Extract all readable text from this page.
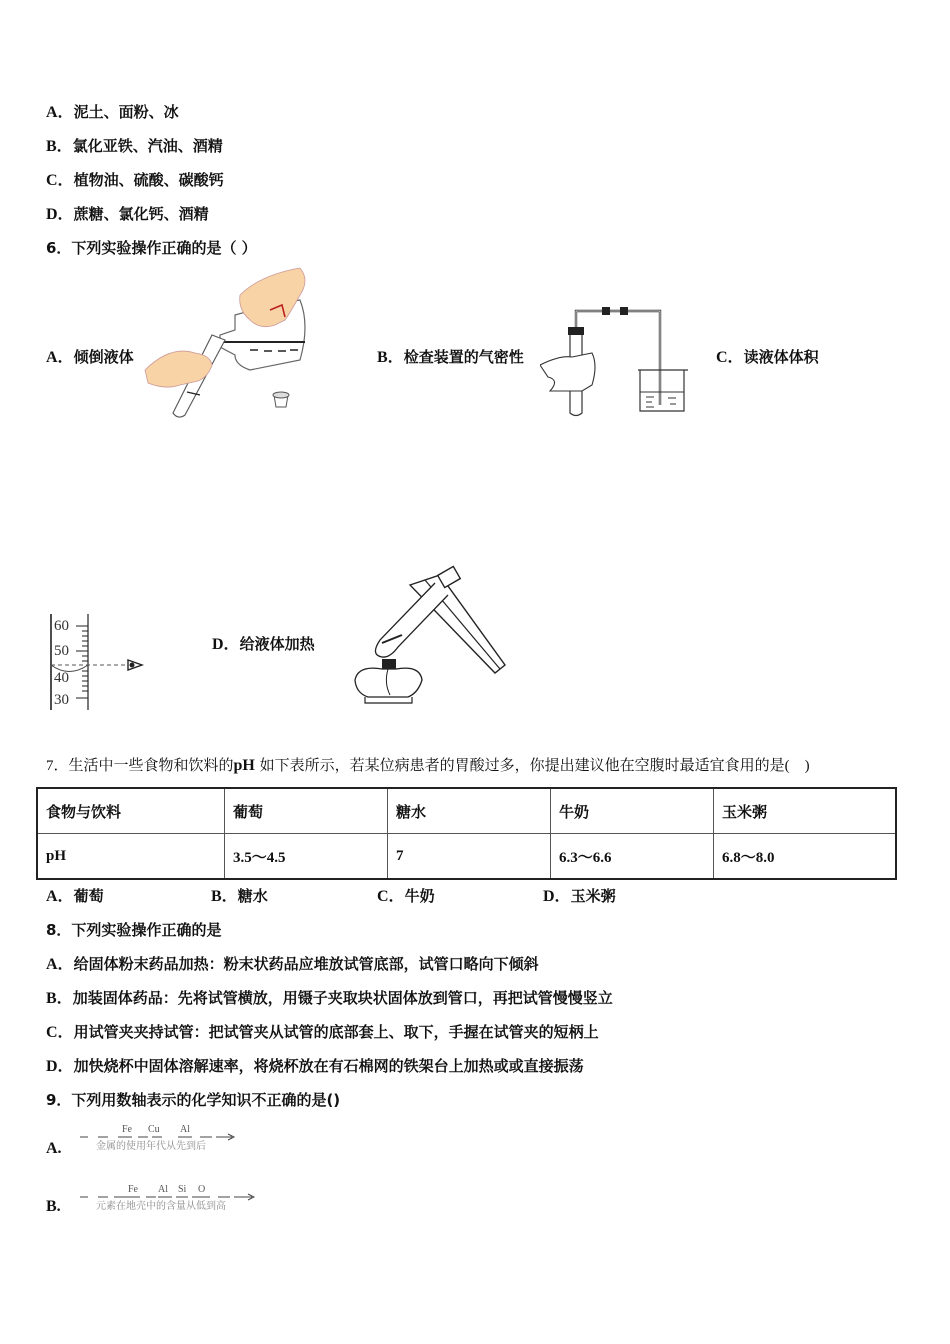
A．泥土、面粉、冰
B．氯化亚铁、汽油、酒精
C．植物油、硫酸、碳酸钙
D．蔗糖、氯化钙、酒精
6．下列实验操作正确的是（ ）
A．倾倒液体	B．检查装置的气密性	C．读液体体积
60
50
40
30
D．给液体加热
7．生活中一些食物和饮料的pH 如下表所示，若某位病患者的胃酸过多，你提出建议他在空腹时最适宜食用的是(　)
食物与饮料	葡萄	糖水	牛奶	玉米粥
pH	3.5～4.5	7	6.3～6.6	6.8～8.0
A．葡萄	B．糖水	C．牛奶	D．玉米粥
8．下列实验操作正确的是
A．给固体粉末药品加热：粉末状药品应堆放试管底部，试管口略向下倾斜
B．加装固体药品：先将试管横放，用镊子夹取块状固体放到管口，再把试管慢慢竖立
C．用试管夹夹持试管：把试管夹从试管的底部套上、取下，手握在试管夹的短柄上
D．加快烧杯中固体溶解速率，将烧杯放在有石棉网的铁架台上加热或或直接振荡
9．下列用数轴表示的化学知识不正确的是()
A.
Fe Cu Al
金属的使用年代从先到后
B.
Fe Al Si O
元素在地壳中的含量从低到高
